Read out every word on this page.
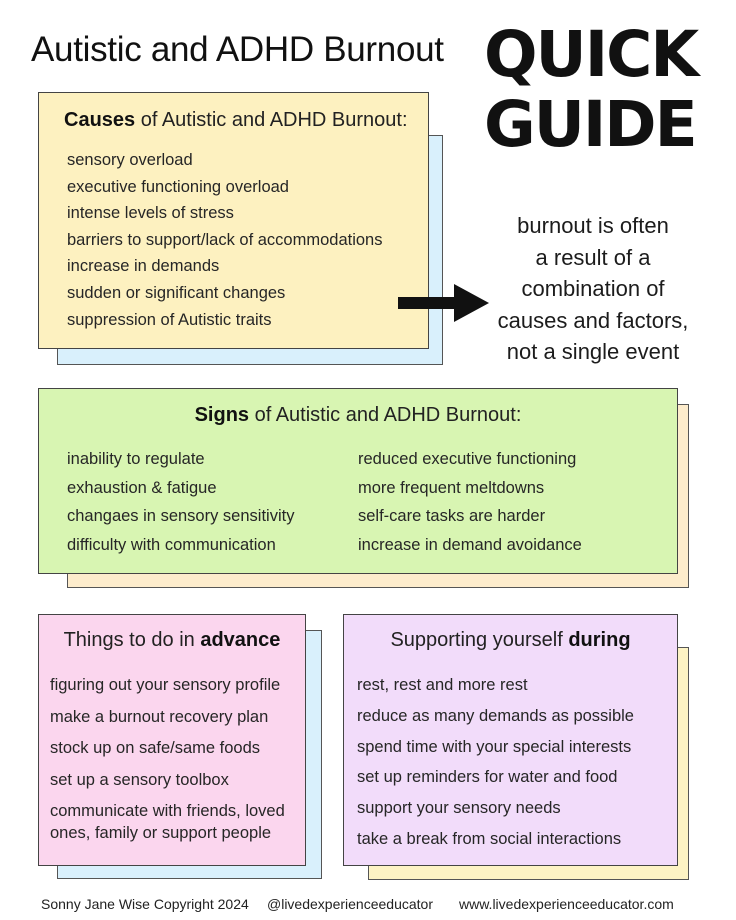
Autistic and ADHD Burnout QUICK
GUIDE
Causes of Autistic and ADHD Burnout:
sensory overload
executive functioning overload
intense levels of stress
barriers to support/lack of accommodations
increase in demands
sudden or significant changes
suppression of Autistic traits
burnout is often
a result of a
combination of
causes and factors,
not a single event
Signs of Autistic and ADHD Burnout:
inability to regulate
exhaustion & fatigue
changaes in sensory sensitivity
difficulty with communication
reduced executive functioning
more frequent meltdowns
self-care tasks are harder
increase in demand avoidance
Things to do in advance
figuring out your sensory profile
make a burnout recovery plan
stock up on safe/same foods
set up a sensory toolbox
communicate with friends, loved ones, family or support people
Supporting yourself during
rest, rest and more rest
reduce as many demands as possible
spend time with your special interests
set up reminders for water and food
support your sensory needs
take a break from social interactions
Sonny Jane Wise Copyright 2024 @livedexperienceeducator www.livedexperienceeducator.com
